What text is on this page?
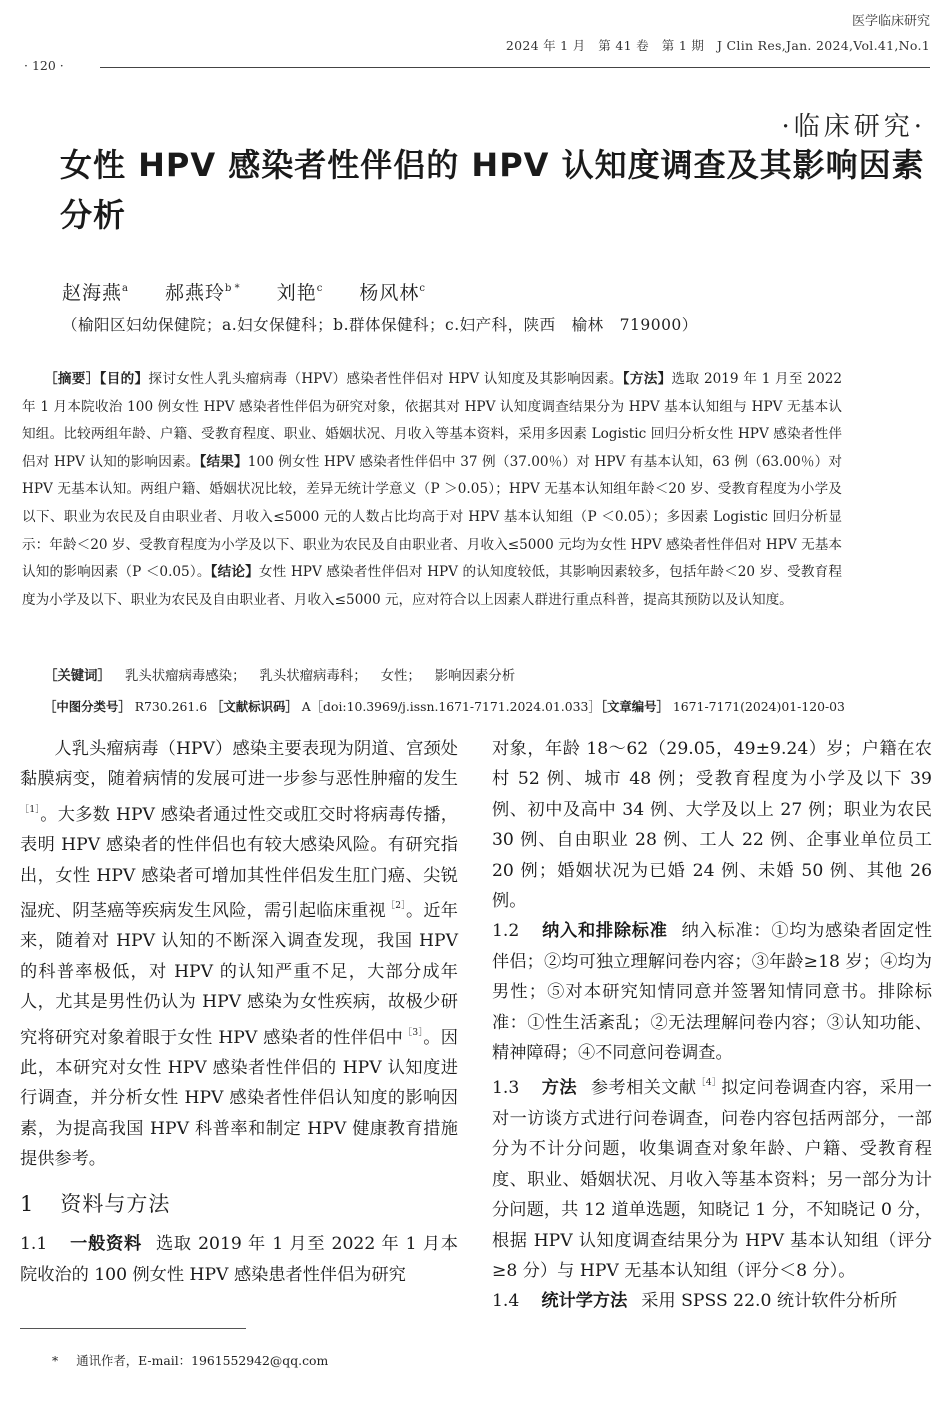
医学临床研究
2024 年 1 月　第 41 卷　第 1 期　J Clin Res,Jan. 2024,Vol.41,No.1
· 120 ·
·临床研究·
女性 HPV 感染者性伴侣的 HPV 认知度调查及其影响因素分析
赵海燕$^a$ 郝燕玲$^{b *}$ 刘艳$^c$ 杨风林$^c$
（榆阳区妇幼保健院；a.妇女保健科；b.群体保健科；c.妇产科，陕西　榆林　719000）
［摘要］【目的】探讨女性人乳头瘤病毒（HPV）感染者性伴侣对 HPV 认知度及其影响因素。【方法】选取 2019 年 1 月至 2022 年 1 月本院收治 100 例女性 HPV 感染者性伴侣为研究对象，依据其对 HPV 认知度调查结果分为 HPV 基本认知组与 HPV 无基本认知组。比较两组年龄、户籍、受教育程度、职业、婚姻状况、月收入等基本资料，采用多因素 Logistic 回归分析女性 HPV 感染者性伴侣对 HPV 认知的影响因素。【结果】100 例女性 HPV 感染者性伴侣中 37 例（37.00％）对 HPV 有基本认知，63 例（63.00％）对 HPV 无基本认知。两组户籍、婚姻状况比较，差异无统计学意义（P ＞0.05）；HPV 无基本认知组年龄＜20 岁、受教育程度为小学及以下、职业为农民及自由职业者、月收入≤5000 元的人数占比均高于对 HPV 基本认知组（P ＜0.05）；多因素 Logistic 回归分析显示：年龄＜20 岁、受教育程度为小学及以下、职业为农民及自由职业者、月收入≤5000 元均为女性 HPV 感染者性伴侣对 HPV 无基本认知的影响因素（P ＜0.05）。【结论】女性 HPV 感染者性伴侣对 HPV 的认知度较低，其影响因素较多，包括年龄＜20 岁、受教育程度为小学及以下、职业为农民及自由职业者、月收入≤5000 元，应对符合以上因素人群进行重点科普，提高其预防以及认知度。
［关键词］ 乳头状瘤病毒感染； 乳头状瘤病毒科； 女性； 影响因素分析
［中图分类号］ R730.261.6 ［文献标识码］ A［doi:10.3969/j.issn.1671-7171.2024.01.033］［文章编号］ 1671-7171(2024)01-120-03

人乳头瘤病毒（HPV）感染主要表现为阴道、宫颈处黏膜病变，随着病情的发展可进一步参与恶性肿瘤的发生$^{[1]}$。大多数 HPV 感染者通过性交或肛交时将病毒传播，表明 HPV 感染者的性伴侣也有较大感染风险。有研究指出，女性 HPV 感染者可增加其性伴侣发生肛门癌、尖锐湿疣、阴茎癌等疾病发生风险，需引起临床重视$^{[2]}$。近年来，随着对 HPV 认知的不断深入调查发现，我国 HPV 的科普率极低，对 HPV 的认知严重不足，大部分成年人，尤其是男性仍认为 HPV 感染为女性疾病，故极少研究将研究对象着眼于女性 HPV 感染者的性伴侣中$^{[3]}$。因此，本研究对女性 HPV 感染者性伴侣的 HPV 认知度进行调查，并分析女性 HPV 感染者性伴侣认知度的影响因素，为提高我国 HPV 科普率和制定 HPV 健康教育措施提供参考。

1 资料与方法

1.1 一般资料 选取 2019 年 1 月至 2022 年 1 月本院收治的 100 例女性 HPV 感染患者性伴侣为研究

对象，年龄 18～62（29.05，49±9.24）岁；户籍在农村 52 例、城市 48 例；受教育程度为小学及以下 39 例、初中及高中 34 例、大学及以上 27 例；职业为农民 30 例、自由职业 28 例、工人 22 例、企事业单位员工 20 例；婚姻状况为已婚 24 例、未婚 50 例、其他 26 例。

1.2 纳入和排除标准 纳入标准：①均为感染者固定性伴侣；②均可独立理解问卷内容；③年龄≥18 岁；④均为男性；⑤对本研究知情同意并签署知情同意书。排除标准：①性生活紊乱；②无法理解问卷内容；③认知功能、精神障碍；④不同意问卷调查。

1.3 方法 参考相关文献$^{[4]}$拟定问卷调查内容，采用一对一访谈方式进行问卷调查，问卷内容包括两部分，一部分为不计分问题，收集调查对象年龄、户籍、受教育程度、职业、婚姻状况、月收入等基本资料；另一部分为计分问题，共 12 道单选题，知晓记 1 分，不知晓记 0 分，根据 HPV 认知度调查结果分为 HPV 基本认知组（评分≥8 分）与 HPV 无基本认知组（评分＜8 分）。

1.4 统计学方法 采用 SPSS 22.0 统计软件分析所

* 通讯作者，E-mail：1961552942@qq.com
